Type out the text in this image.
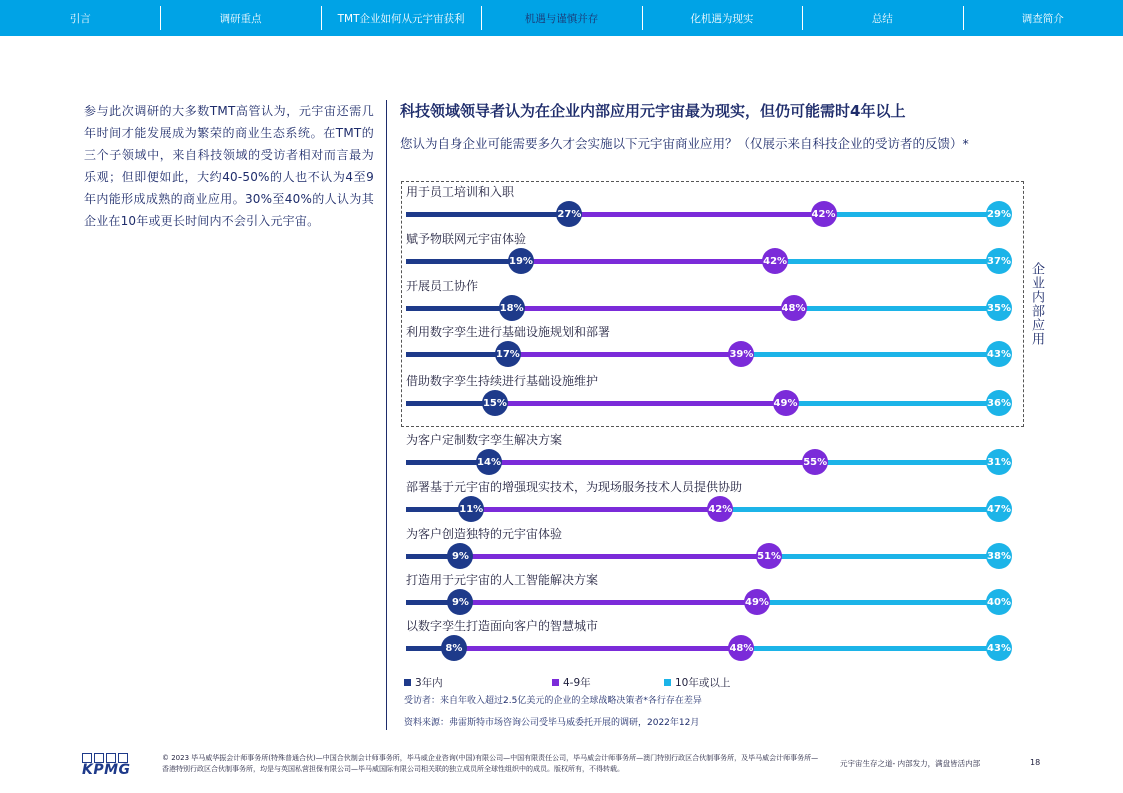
引言	调研重点	TMT企业如何从元宇宙获利	机遇与谨慎并存	化机遇为现实	总结	调查简介
参与此次调研的大多数TMT高管认为，元宇宙还需几年时间才能发展成为繁荣的商业生态系统。在TMT的三个子领域中，来自科技领域的受访者相对而言最为乐观；但即便如此，大约40-50%的人也不认为4至9年内能形成成熟的商业应用。30%至40%的人认为其企业在10年或更长时间内不会引入元宇宙。
科技领域领导者认为在企业内部应用元宇宙最为现实，但仍可能需时4年以上
您认为自身企业可能需要多久才会实施以下元宇宙商业应用？（仅展示来自科技企业的受访者的反馈）*
企业内部应用
用于员工培训和入职
27%	42%	29%
赋予物联网元宇宙体验
19%	42%	37%
开展员工协作
18%	48%	35%
利用数字孪生进行基础设施规划和部署
17%	39%	43%
借助数字孪生持续进行基础设施维护
15%	49%	36%
为客户定制数字孪生解决方案
14%	55%	31%
部署基于元宇宙的增强现实技术，为现场服务技术人员提供协助
11%	42%	47%
为客户创造独特的元宇宙体验
9%	51%	38%
打造用于元宇宙的人工智能解决方案
9%	49%	40%
以数字孪生打造面向客户的智慧城市
8%	48%	43%
3年内	4-9年	10年或以上
受访者：来自年收入超过2.5亿美元的企业的全球战略决策者*各行存在差异
资料来源：弗雷斯特市场咨询公司受毕马威委托开展的调研，2022年12月
KPMG
© 2023 毕马威华振会计师事务所(特殊普通合伙)—中国合伙制会计师事务所，毕马威企业咨询(中国)有限公司—中国有限责任公司，毕马威会计师事务所—澳门特别行政区合伙制事务所，及毕马威会计师事务所—香港特别行政区合伙制事务所，均是与英国私营担保有限公司—毕马威国际有限公司相关联的独立成员所全球性组织中的成员。版权所有，不得转载。
元宇宙生存之道- 内部发力，满盘皆活内部	18
